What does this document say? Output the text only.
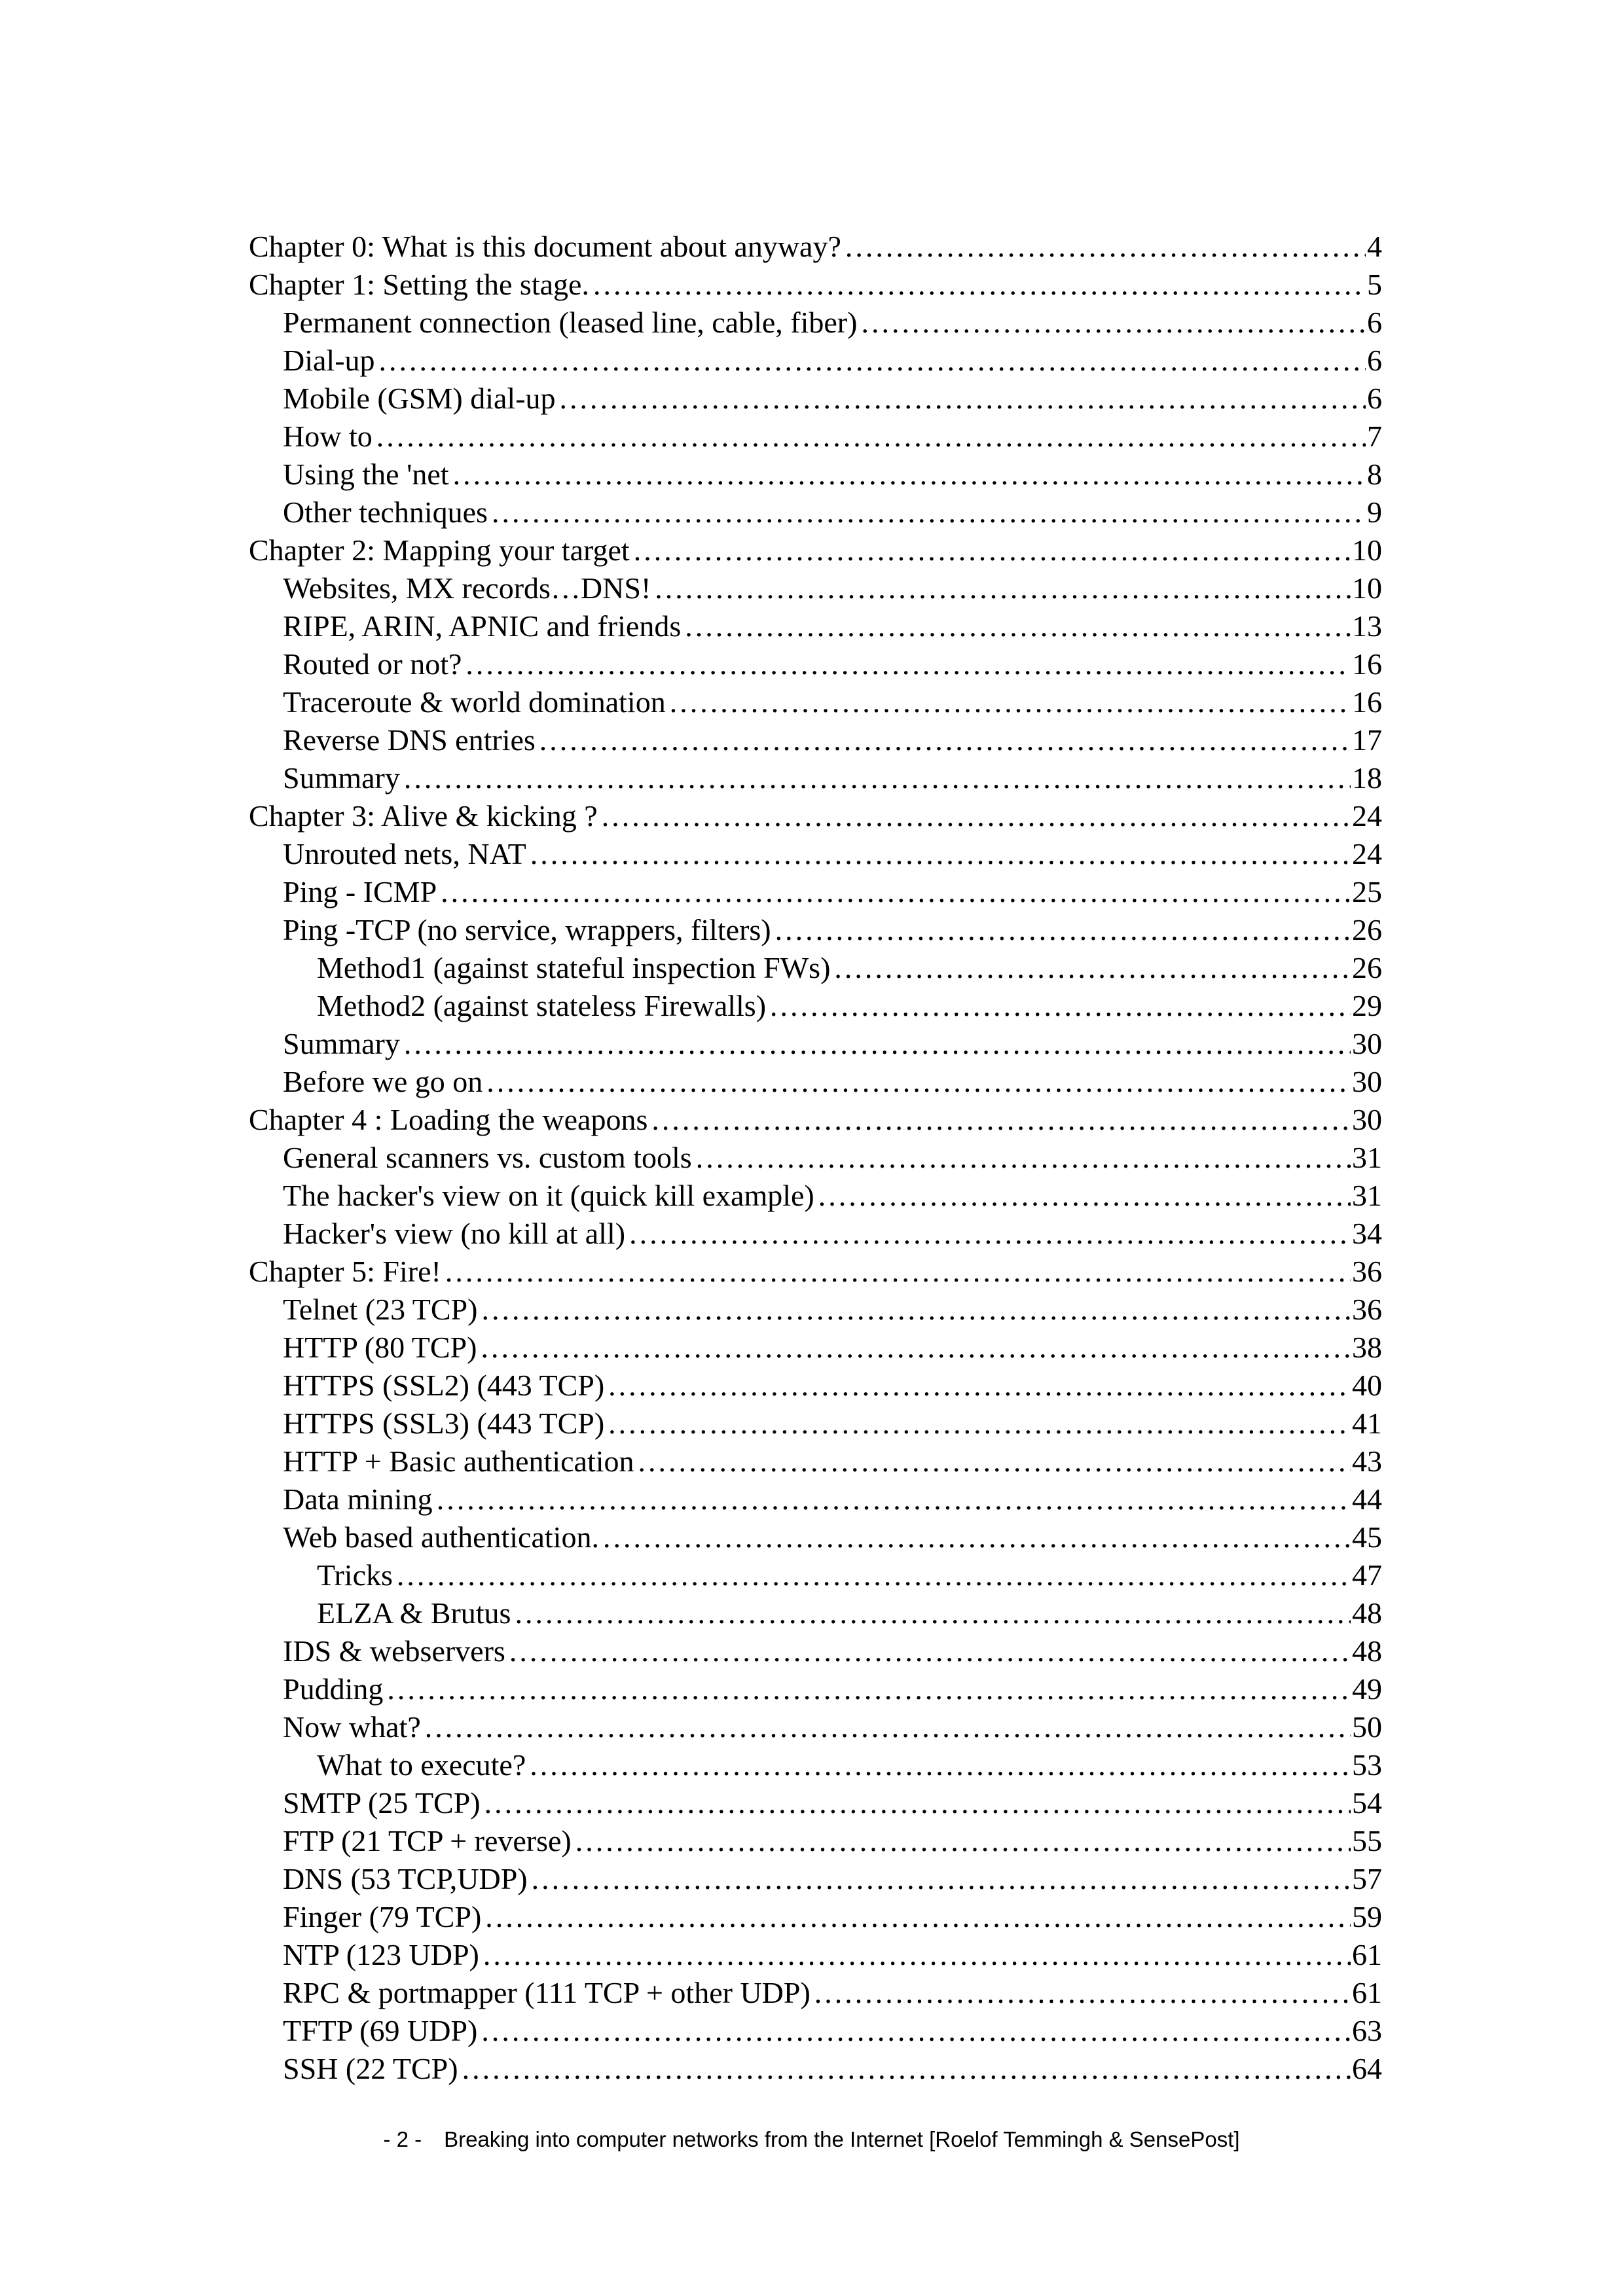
Chapter 0: What is this document about anyway? .....	4
Chapter 1: Setting the stage. .....	5
Permanent connection (leased line, cable, fiber) .....	6
Dial-up .....	6
Mobile (GSM) dial-up .....	6
How to .....	7
Using the 'net .....	8
Other techniques .....	9
Chapter 2: Mapping your target .....	10
Websites, MX records…DNS! .....	10
RIPE, ARIN, APNIC and friends .....	13
Routed or not? .....	16
Traceroute & world domination .....	16
Reverse DNS entries .....	17
Summary .....	18
Chapter 3: Alive & kicking ? .....	24
Unrouted nets, NAT .....	24
Ping - ICMP .....	25
Ping -TCP (no service, wrappers, filters) .....	26
Method1 (against stateful inspection FWs) .....	26
Method2 (against stateless Firewalls) .....	29
Summary .....	30
Before we go on .....	30
Chapter 4 : Loading the weapons .....	30
General scanners vs. custom tools .....	31
The hacker's view on it (quick kill example) .....	31
Hacker's view (no kill at all) .....	34
Chapter 5: Fire! .....	36
Telnet (23 TCP) .....	36
HTTP (80 TCP) .....	38
HTTPS (SSL2) (443 TCP) .....	40
HTTPS (SSL3) (443 TCP) .....	41
HTTP + Basic authentication .....	43
Data mining .....	44
Web based authentication. .....	45
Tricks .....	47
ELZA & Brutus .....	48
IDS & webservers .....	48
Pudding .....	49
Now what? .....	50
What to execute? .....	53
SMTP (25 TCP) .....	54
FTP (21 TCP + reverse) .....	55
DNS (53 TCP,UDP) .....	57
Finger (79 TCP) .....	59
NTP (123 UDP) .....	61
RPC & portmapper (111 TCP + other UDP) .....	61
TFTP (69 UDP) .....	63
SSH (22 TCP) .....	64
- 2 - Breaking into computer networks from the Internet [Roelof Temmingh & SensePost]
